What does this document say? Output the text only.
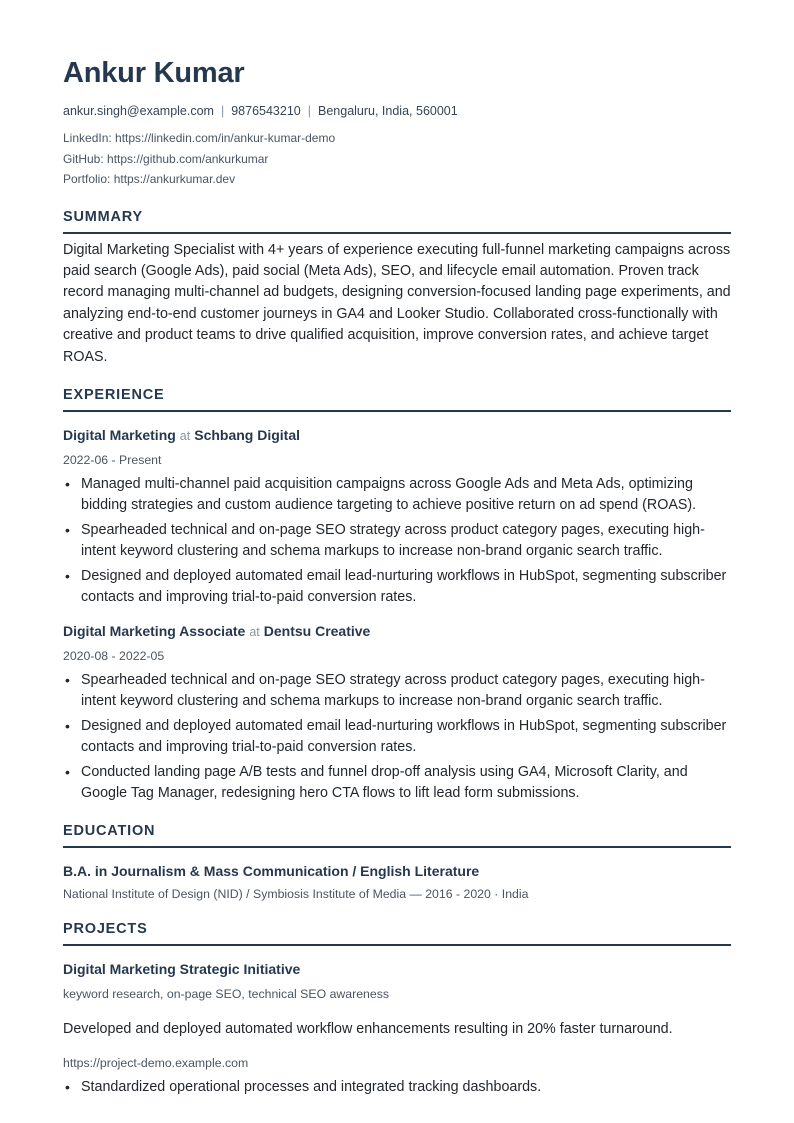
Ankur Kumar
ankur.singh@example.com | 9876543210 | Bengaluru, India, 560001
LinkedIn: https://linkedin.com/in/ankur-kumar-demo
GitHub: https://github.com/ankurkumar
Portfolio: https://ankurkumar.dev
SUMMARY
Digital Marketing Specialist with 4+ years of experience executing full-funnel marketing campaigns across paid search (Google Ads), paid social (Meta Ads), SEO, and lifecycle email automation. Proven track record managing multi-channel ad budgets, designing conversion-focused landing page experiments, and analyzing end-to-end customer journeys in GA4 and Looker Studio. Collaborated cross-functionally with creative and product teams to drive qualified acquisition, improve conversion rates, and achieve target ROAS.
EXPERIENCE
Digital Marketing at Schbang Digital
2022-06 - Present
• Managed multi-channel paid acquisition campaigns across Google Ads and Meta Ads, optimizing bidding strategies and custom audience targeting to achieve positive return on ad spend (ROAS).
• Spearheaded technical and on-page SEO strategy across product category pages, executing high-intent keyword clustering and schema markups to increase non-brand organic search traffic.
• Designed and deployed automated email lead-nurturing workflows in HubSpot, segmenting subscriber contacts and improving trial-to-paid conversion rates.
Digital Marketing Associate at Dentsu Creative
2020-08 - 2022-05
• Spearheaded technical and on-page SEO strategy across product category pages, executing high-intent keyword clustering and schema markups to increase non-brand organic search traffic.
• Designed and deployed automated email lead-nurturing workflows in HubSpot, segmenting subscriber contacts and improving trial-to-paid conversion rates.
• Conducted landing page A/B tests and funnel drop-off analysis using GA4, Microsoft Clarity, and Google Tag Manager, redesigning hero CTA flows to lift lead form submissions.
EDUCATION
B.A. in Journalism & Mass Communication / English Literature
National Institute of Design (NID) / Symbiosis Institute of Media — 2016 - 2020 · India
PROJECTS
Digital Marketing Strategic Initiative
keyword research, on-page SEO, technical SEO awareness
Developed and deployed automated workflow enhancements resulting in 20% faster turnaround.
https://project-demo.example.com
• Standardized operational processes and integrated tracking dashboards.
